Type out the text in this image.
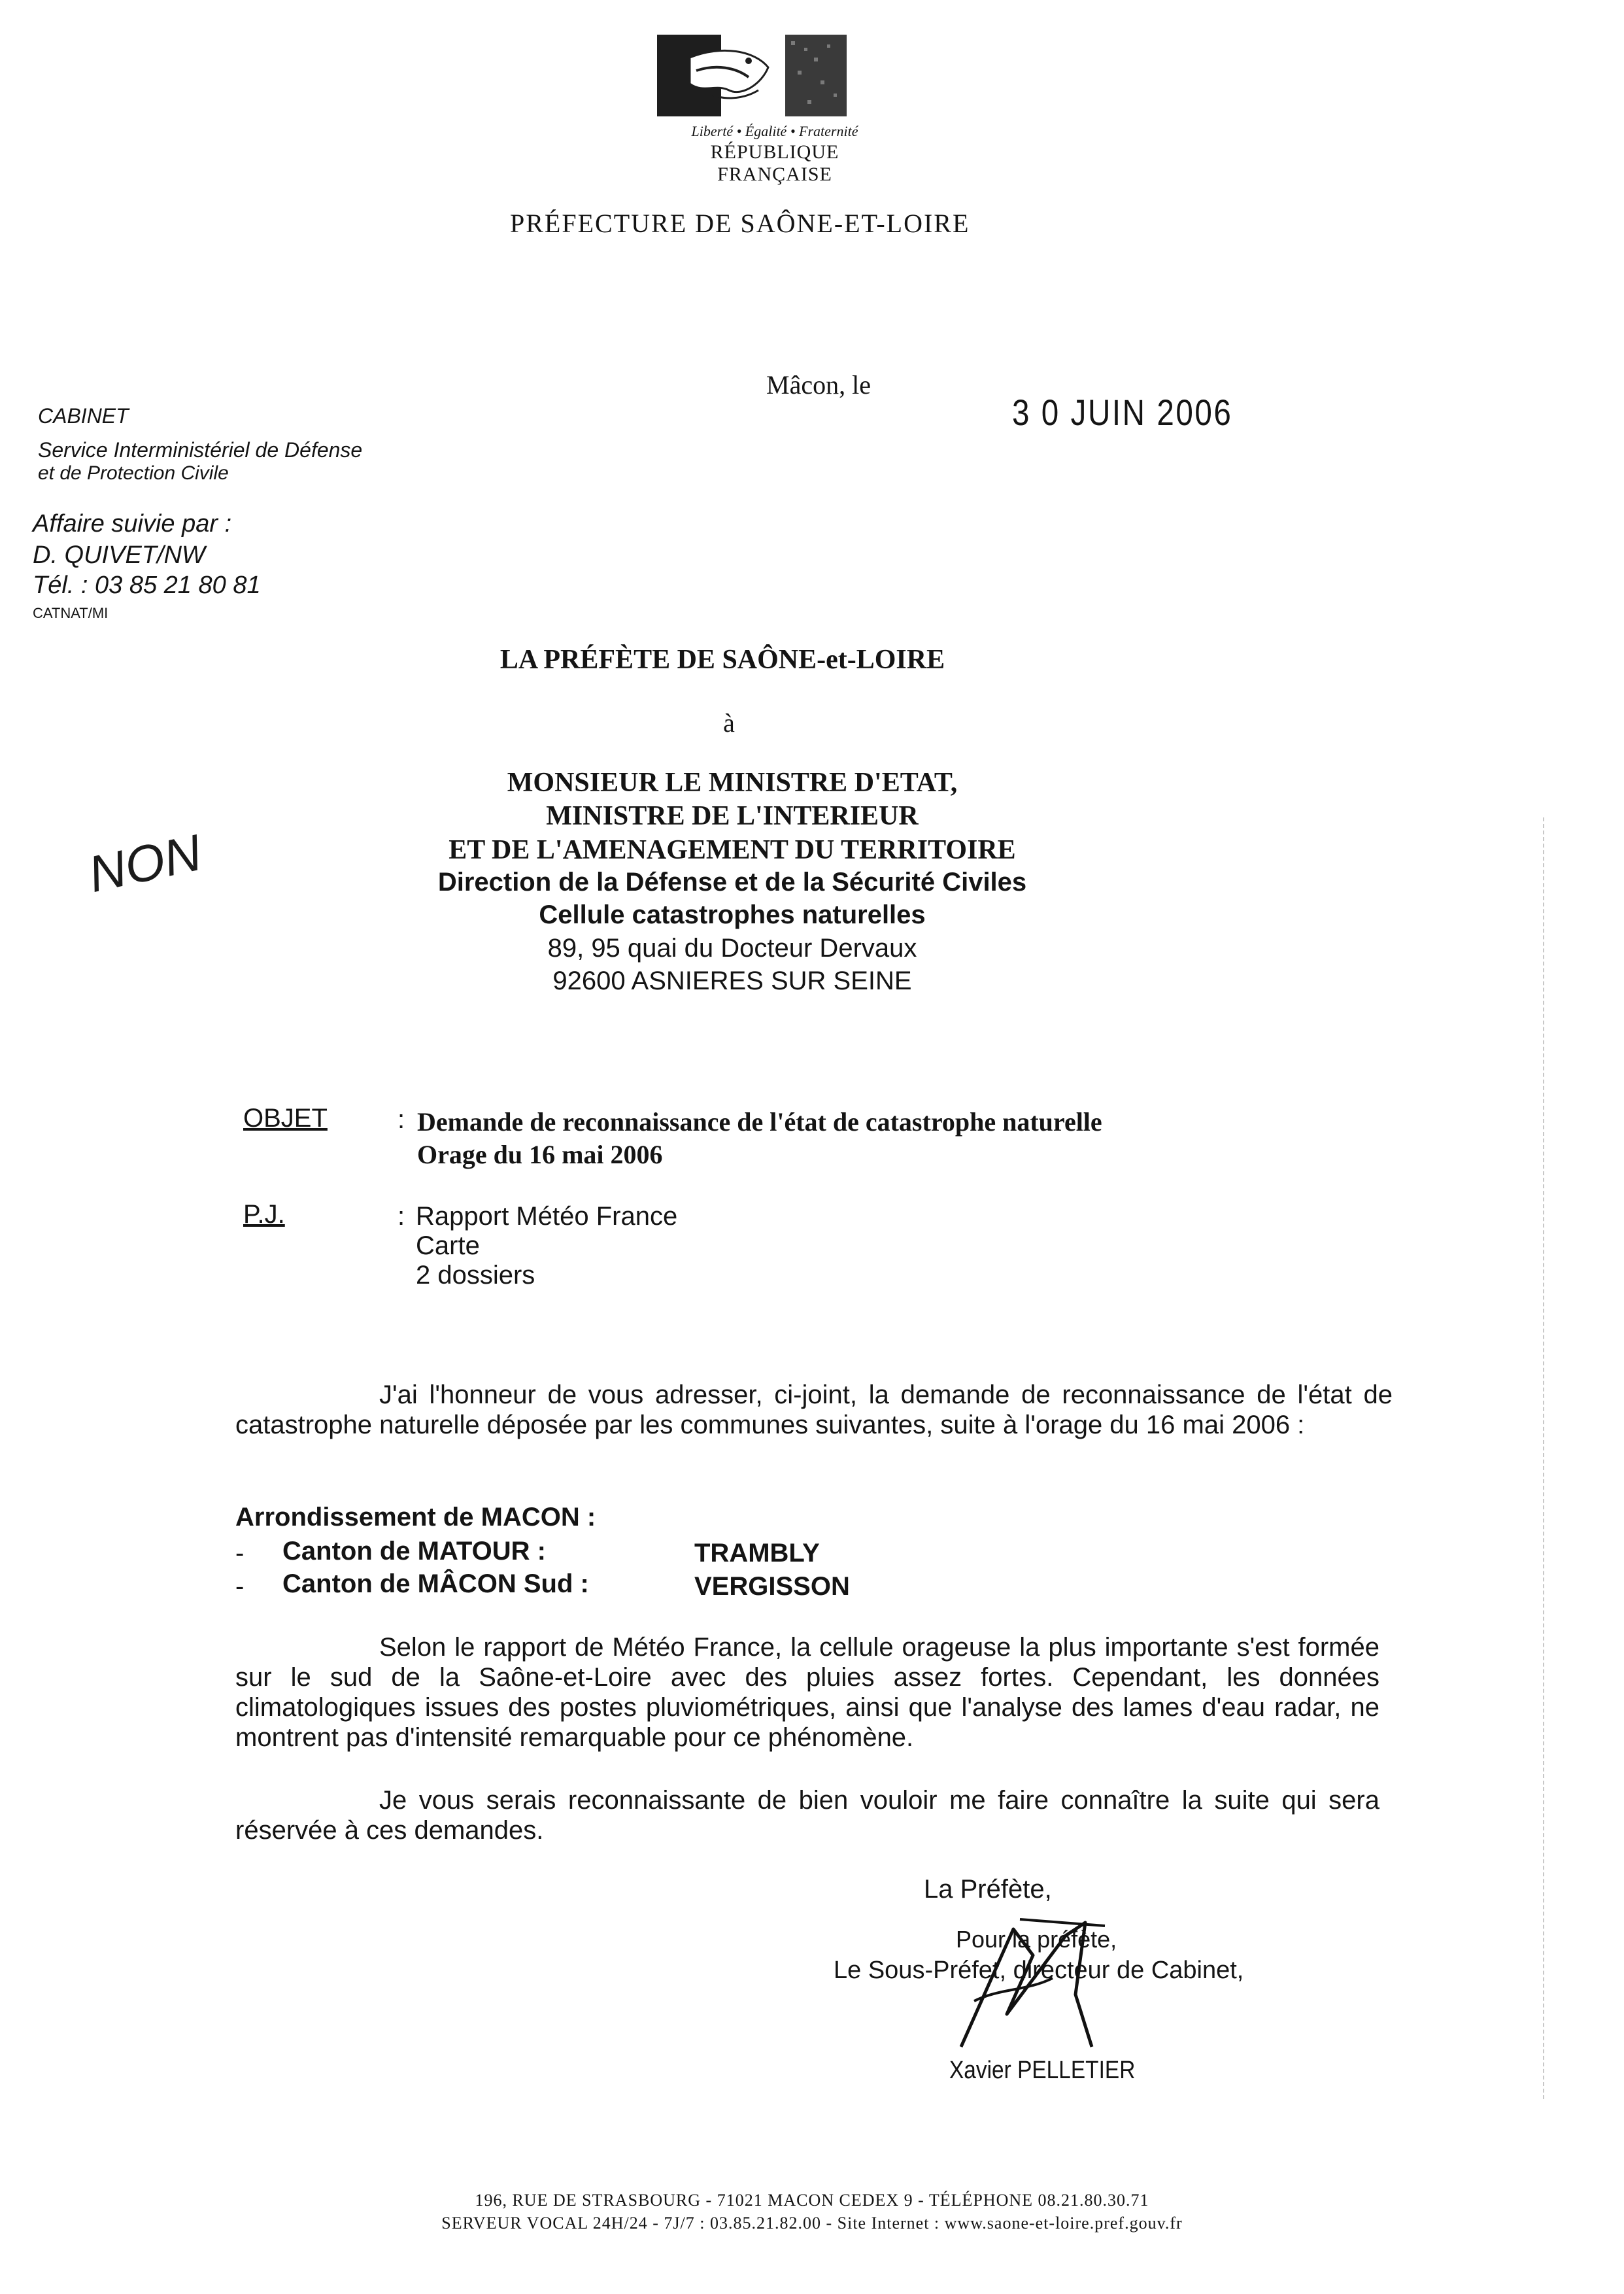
Liberté • Égalité • Fraternité
RÉPUBLIQUE FRANÇAISE
PRÉFECTURE DE SAÔNE-ET-LOIRE
CABINET
Service Interministériel de Défense
et de Protection Civile
Affaire suivie par :
D. QUIVET/NW
Tél. : 03 85 21 80 81
CATNAT/MI
Mâcon, le
3 0 JUIN 2006
NON
LA PRÉFÈTE DE SAÔNE-et-LOIRE
à
MONSIEUR LE MINISTRE D'ETAT,
MINISTRE DE L'INTERIEUR
ET DE L'AMENAGEMENT DU TERRITOIRE
Direction de la Défense et de la Sécurité Civiles
Cellule catastrophes naturelles
89, 95 quai du Docteur Dervaux
92600 ASNIERES SUR SEINE
OBJET	: Demande de reconnaissance de l'état de catastrophe naturelle
Orage du 16 mai 2006
P.J.	: Rapport Météo France
Carte
2 dossiers
J'ai l'honneur de vous adresser, ci-joint, la demande de reconnaissance de l'état de catastrophe naturelle déposée par les communes suivantes, suite à l'orage du 16 mai 2006 :
Arrondissement de MACON :
- Canton de MATOUR :	TRAMBLY
- Canton de MÂCON Sud :	VERGISSON
Selon le rapport de Météo France, la cellule orageuse la plus importante s'est formée sur le sud de la Saône-et-Loire avec des pluies assez fortes. Cependant, les données climatologiques issues des postes pluviométriques, ainsi que l'analyse des lames d'eau radar, ne montrent pas d'intensité remarquable pour ce phénomène.
Je vous serais reconnaissante de bien vouloir me faire connaître la suite qui sera réservée à ces demandes.
La Préfète,
Pour la préfète,
Le Sous-Préfet, directeur de Cabinet,
Xavier PELLETIER
196, RUE DE STRASBOURG - 71021 MACON CEDEX 9 - TÉLÉPHONE 08.21.80.30.71
SERVEUR VOCAL 24H/24 - 7J/7 : 03.85.21.82.00 - Site Internet : www.saone-et-loire.pref.gouv.fr
